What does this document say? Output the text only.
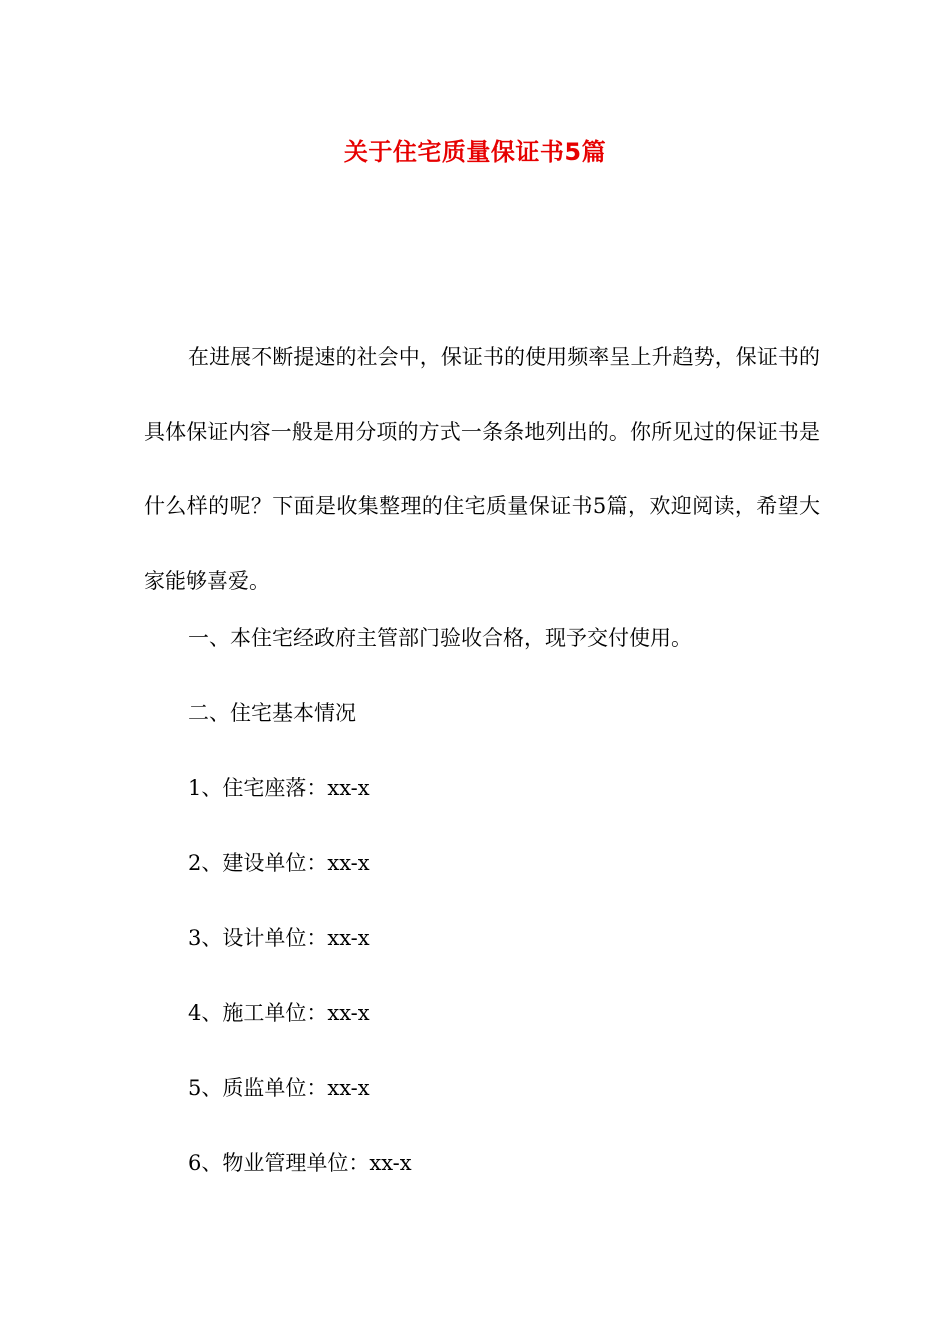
关于住宅质量保证书5篇

在进展不断提速的社会中，保证书的使用频率呈上升趋势，保证书的具体保证内容一般是用分项的方式一条条地列出的。你所见过的保证书是什么样的呢？下面是收集整理的住宅质量保证书5篇，欢迎阅读，希望大家能够喜爱。

一、本住宅经政府主管部门验收合格，现予交付使用。

二、住宅基本情况

1、住宅座落：xx-x

2、建设单位：xx-x

3、设计单位：xx-x

4、施工单位：xx-x

5、质监单位：xx-x

6、物业管理单位：xx-x
